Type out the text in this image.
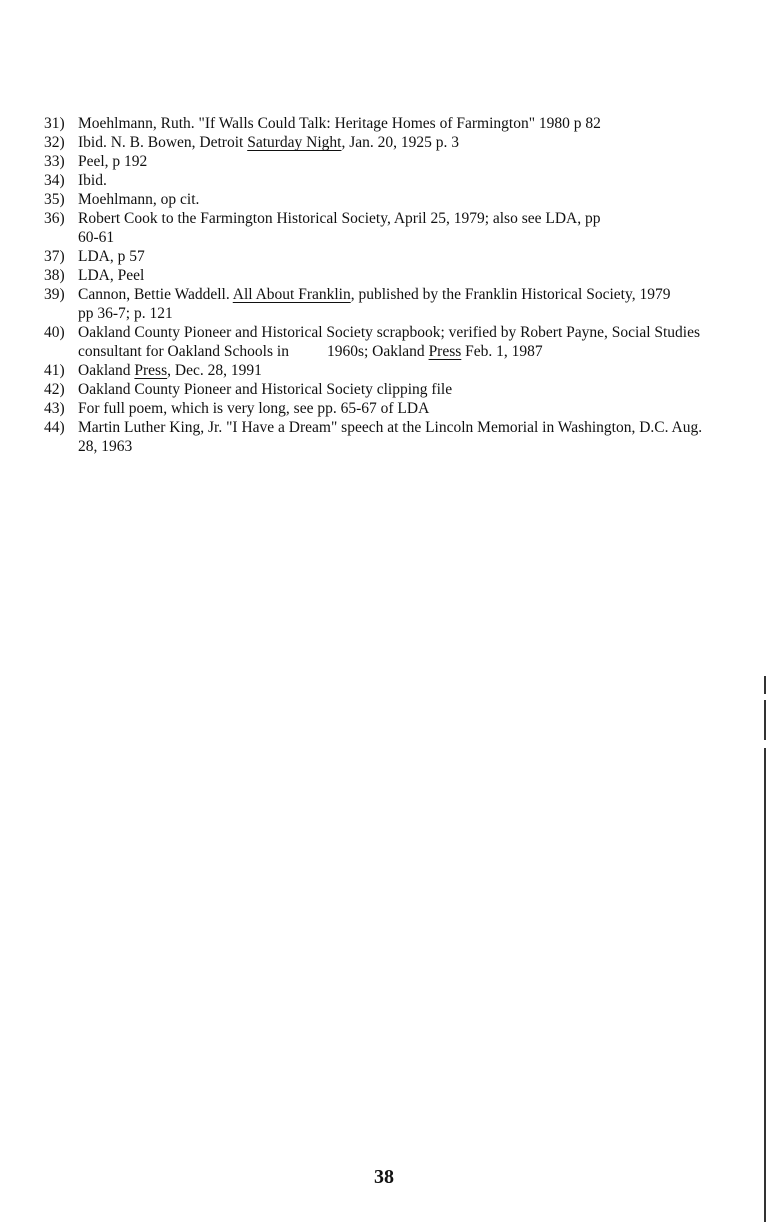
31) Moehlmann, Ruth. "If Walls Could Talk: Heritage Homes of Farmington" 1980 p 82
32) Ibid. N. B. Bowen, Detroit Saturday Night, Jan. 20, 1925 p. 3
33) Peel, p 192
34) Ibid.
35) Moehlmann, op cit.
36) Robert Cook to the Farmington Historical Society, April 25, 1979; also see LDA, pp
60-61
37) LDA, p 57
38) LDA, Peel
39) Cannon, Bettie Waddell. All About Franklin, published by the Franklin Historical Society, 1979
pp 36-7; p. 121
40) Oakland County Pioneer and Historical Society scrapbook; verified by Robert Payne, Social Studies
consultant for Oakland Schools in 1960s; Oakland Press Feb. 1, 1987
41) Oakland Press, Dec. 28, 1991
42) Oakland County Pioneer and Historical Society clipping file
43) For full poem, which is very long, see pp. 65-67 of LDA
44) Martin Luther King, Jr. "I Have a Dream" speech at the Lincoln Memorial in Washington, D.C. Aug.
28, 1963
38
